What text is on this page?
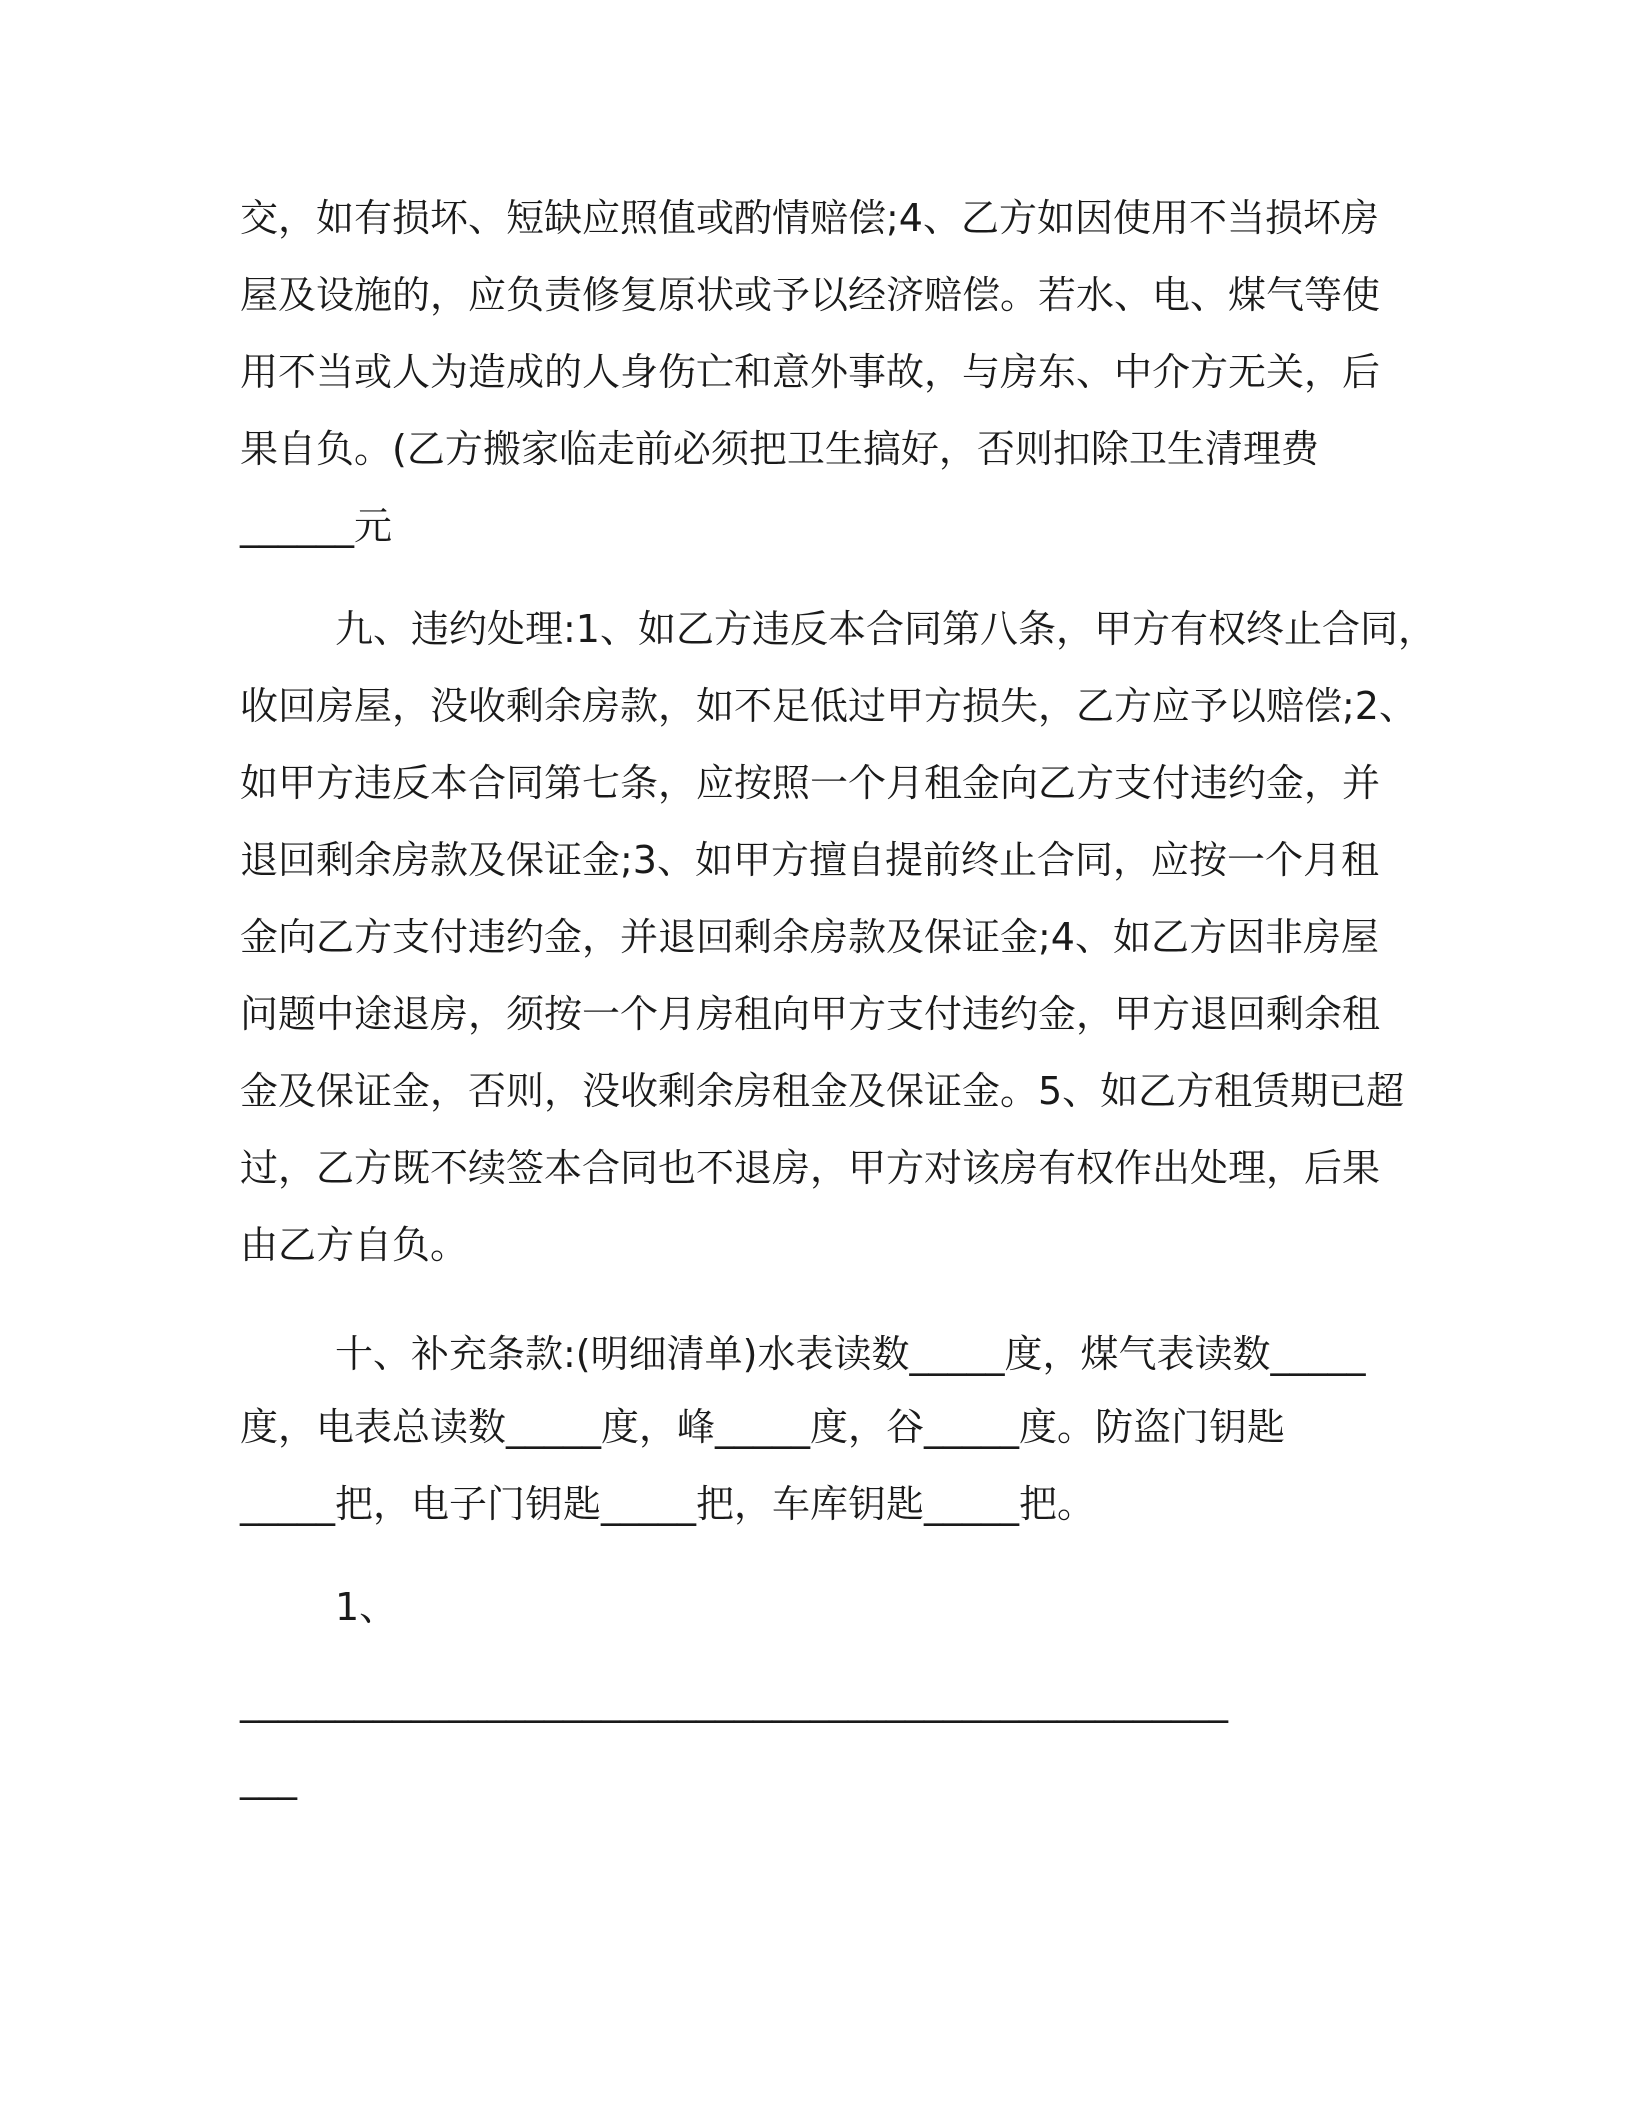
交，如有损坏、短缺应照值或酌情赔偿;4、乙方如因使用不当损坏房
屋及设施的，应负责修复原状或予以经济赔偿。若水、电、煤气等使
用不当或人为造成的人身伤亡和意外事故，与房东、中介方无关，后
果自负。(乙方搬家临走前必须把卫生搞好，否则扣除卫生清理费
______元
九、违约处理:1、如乙方违反本合同第八条，甲方有权终止合同，
收回房屋，没收剩余房款，如不足低过甲方损失，乙方应予以赔偿;2、
如甲方违反本合同第七条，应按照一个月租金向乙方支付违约金，并
退回剩余房款及保证金;3、如甲方擅自提前终止合同，应按一个月租
金向乙方支付违约金，并退回剩余房款及保证金;4、如乙方因非房屋
问题中途退房，须按一个月房租向甲方支付违约金，甲方退回剩余租
金及保证金，否则，没收剩余房租金及保证金。5、如乙方租赁期已超
过，乙方既不续签本合同也不退房，甲方对该房有权作出处理，后果
由乙方自负。
十、补充条款:(明细清单)水表读数_____度，煤气表读数_____
度，电表总读数_____度，峰_____度，谷_____度。防盗门钥匙
_____把，电子门钥匙_____把，车库钥匙_____把。
1、
____________________________________________________
___
